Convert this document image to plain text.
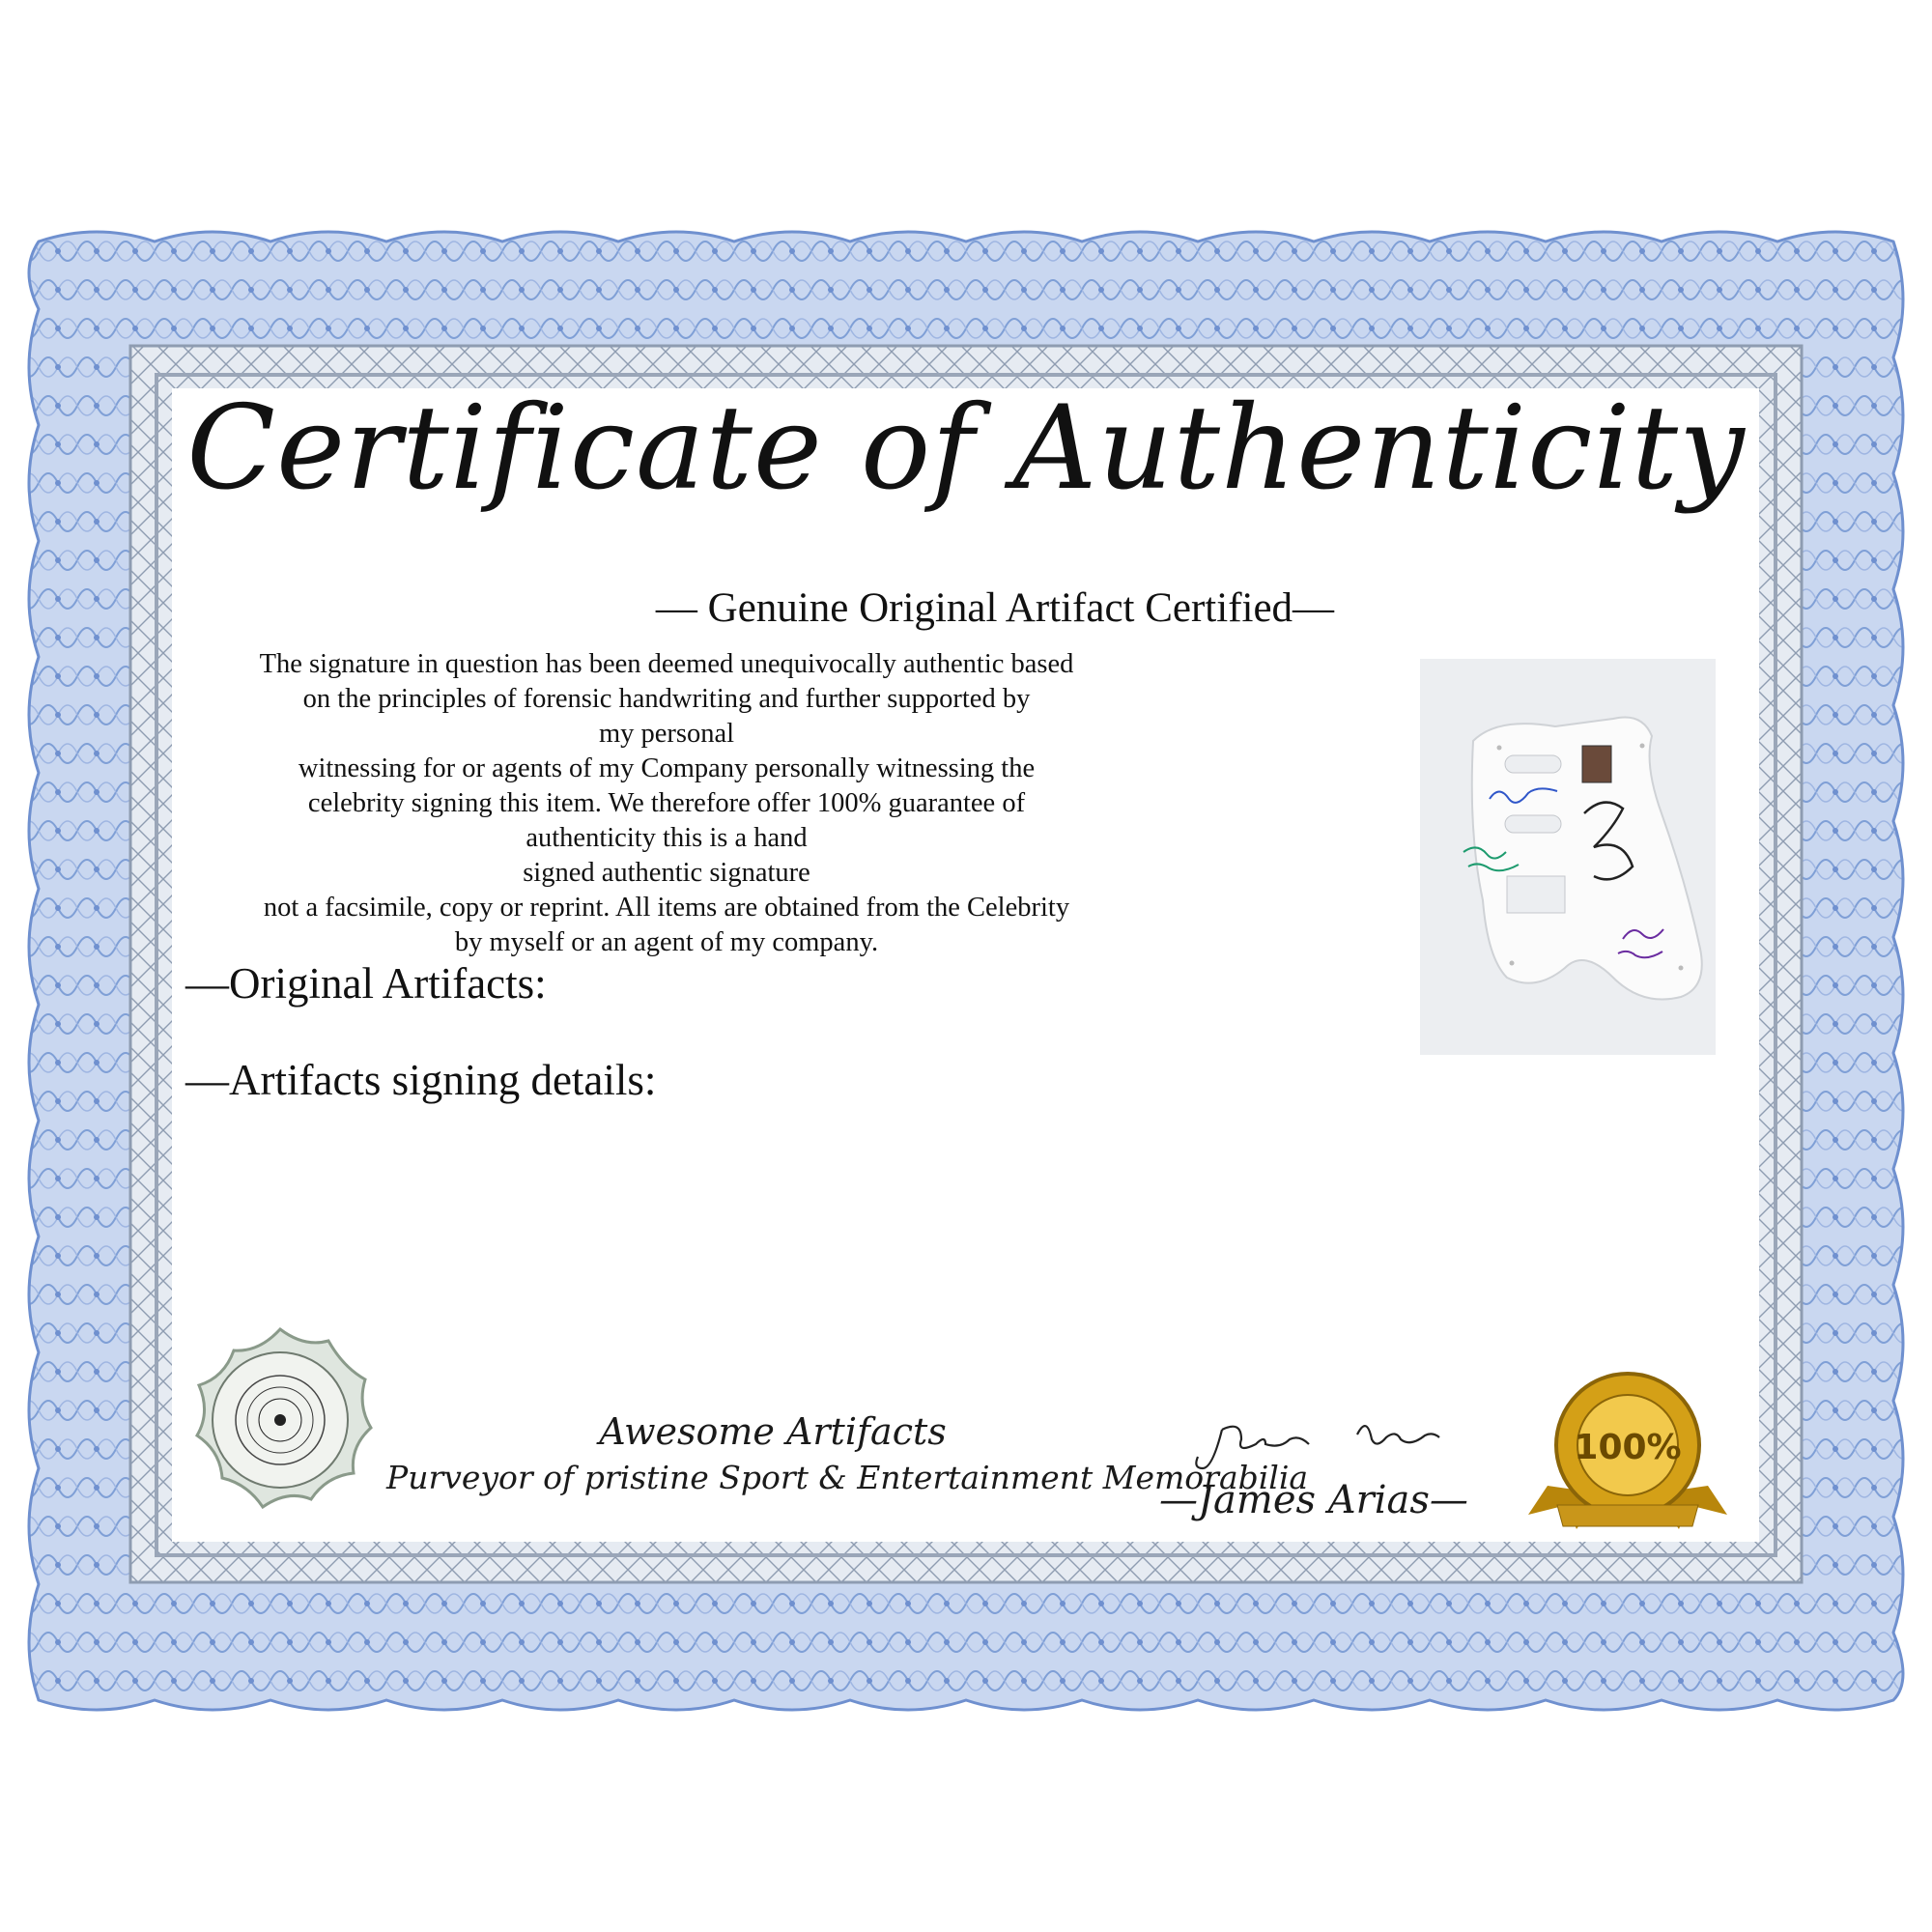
Certificate of Authenticity
— Genuine Original Artifact Certified—
The signature in question has been deemed unequivocally authentic based
on the principles of forensic handwriting and further supported by
my personal
witnessing for or agents of my Company personally witnessing the
celebrity signing this item. We therefore offer 100% guarantee of
authenticity this is a hand
signed authentic signature
not a facsimile, copy or reprint. All items are obtained from the Celebrity
by myself or an agent of my company.
—Original Artifacts:
—Artifacts signing details:
100%
Awesome Artifacts
Purveyor of pristine Sport & Entertainment Memorabilia
—James Arias—
